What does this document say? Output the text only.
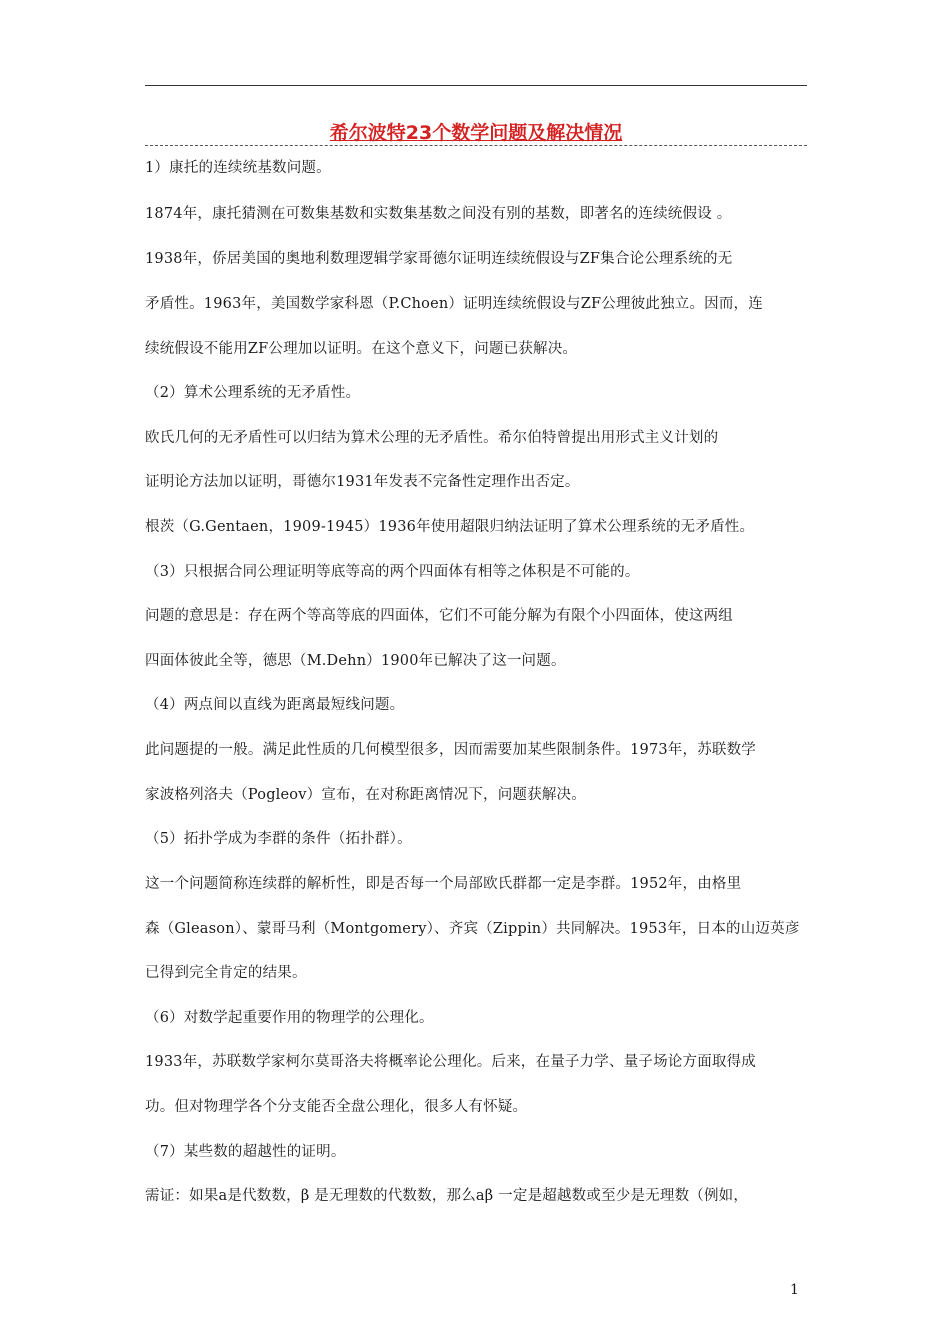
希尔波特23个数学问题及解决情况
1）康托的连续统基数问题。
1874年，康托猜测在可数集基数和实数集基数之间没有别的基数，即著名的连续统假设 。
1938年，侨居美国的奥地利数理逻辑学家哥德尔证明连续统假设与ZF集合论公理系统的无
矛盾性。1963年，美国数学家科恩（P.Choen）证明连续统假设与ZF公理彼此独立。因而，连
续统假设不能用ZF公理加以证明。在这个意义下，问题已获解决。
（2）算术公理系统的无矛盾性。
欧氏几何的无矛盾性可以归结为算术公理的无矛盾性。希尔伯特曾提出用形式主义计划的
证明论方法加以证明，哥德尔1931年发表不完备性定理作出否定。
根茨（G.Gentaen，1909-1945）1936年使用超限归纳法证明了算术公理系统的无矛盾性。
（3）只根据合同公理证明等底等高的两个四面体有相等之体积是不可能的。
问题的意思是：存在两个等高等底的四面体，它们不可能分解为有限个小四面体，使这两组
四面体彼此全等，德思（M.Dehn）1900年已解决了这一问题。
（4）两点间以直线为距离最短线问题。
此问题提的一般。满足此性质的几何模型很多，因而需要加某些限制条件。1973年，苏联数学
家波格列洛夫（Pogleov）宣布，在对称距离情况下，问题获解决。
（5）拓扑学成为李群的条件（拓扑群）。
这一个问题简称连续群的解析性，即是否每一个局部欧氏群都一定是李群。1952年，由格里
森（Gleason）、蒙哥马利（Montgomery）、齐宾（Zippin）共同解决。1953年，日本的山迈英彦
已得到完全肯定的结果。
（6）对数学起重要作用的物理学的公理化。
1933年，苏联数学家柯尔莫哥洛夫将概率论公理化。后来，在量子力学、量子场论方面取得成
功。但对物理学各个分支能否全盘公理化，很多人有怀疑。
（7）某些数的超越性的证明。
需证：如果a是代数数，β 是无理数的代数数，那么aβ 一定是超越数或至少是无理数（例如，
1
